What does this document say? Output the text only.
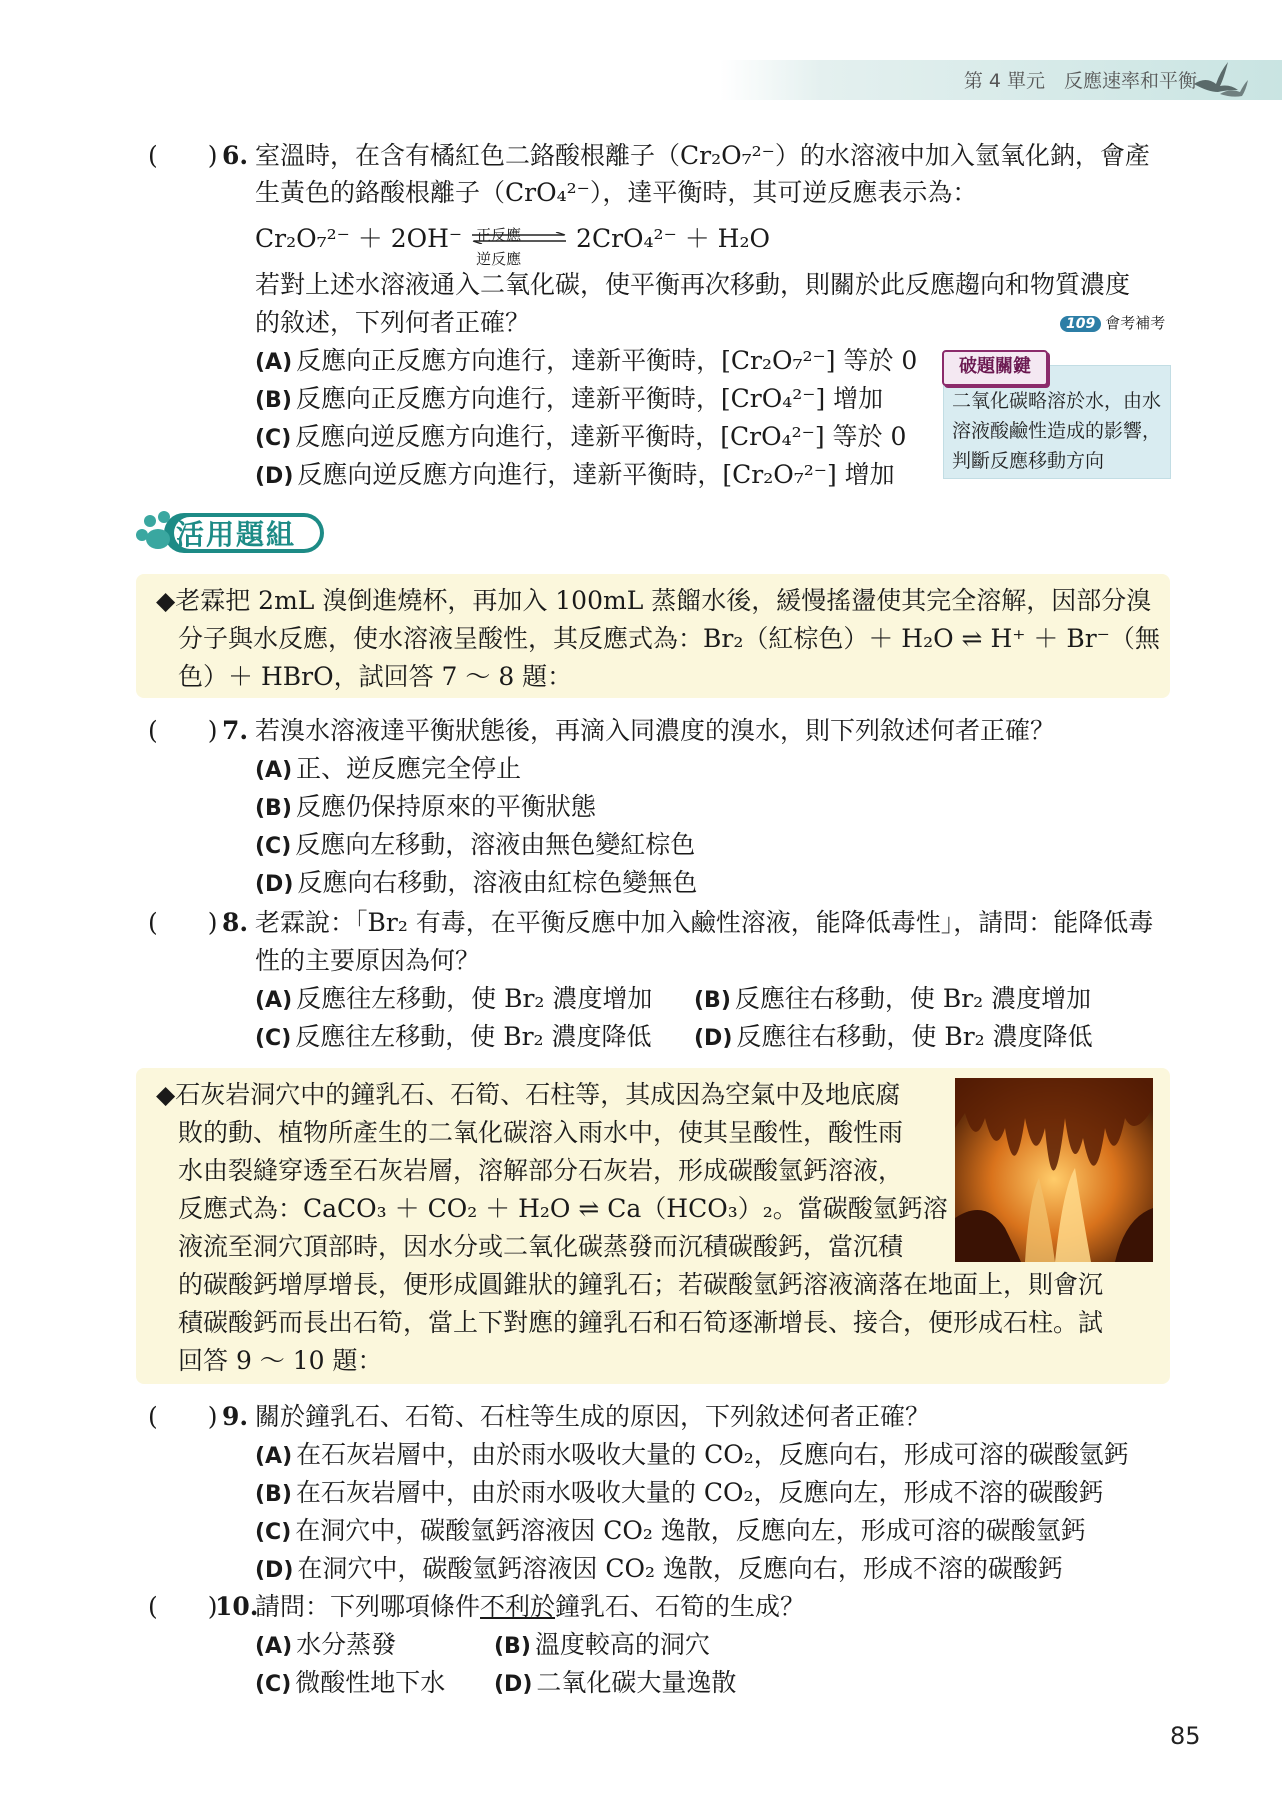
第 4 單元　反應速率和平衡
(　　) 6. 室溫時，在含有橘紅色二鉻酸根離子（Cr₂O₇²⁻）的水溶液中加入氫氧化鈉，會產
生黃色的鉻酸根離子（CrO₄²⁻），達平衡時，其可逆反應表示為：
Cr₂O₇²⁻ ＋ 2OH⁻ 正反應
逆反應
2CrO₄²⁻ ＋ H₂O
若對上述水溶液通入二氧化碳，使平衡再次移動，則關於此反應趨向和物質濃度
的敘述，下列何者正確？	109 會考補考
(A) 反應向正反應方向進行，達新平衡時，[Cr₂O₇²⁻] 等於 0
(B) 反應向正反應方向進行，達新平衡時，[CrO₄²⁻] 增加
(C) 反應向逆反應方向進行，達新平衡時，[CrO₄²⁻] 等於 0
(D) 反應向逆反應方向進行，達新平衡時，[Cr₂O₇²⁻] 增加
破題關鍵
二氧化碳略溶於水，由水溶液酸鹼性造成的影響，判斷反應移動方向
活用題組
◆老霖把 2mL 溴倒進燒杯，再加入 100mL 蒸餾水後，緩慢搖盪使其完全溶解，因部分溴
分子與水反應，使水溶液呈酸性，其反應式為：Br₂（紅棕色）＋ H₂O ⇌ H⁺ ＋ Br⁻（無
色）＋ HBrO，試回答 7 ～ 8 題：
(　　) 7. 若溴水溶液達平衡狀態後，再滴入同濃度的溴水，則下列敘述何者正確？
(A) 正、逆反應完全停止
(B) 反應仍保持原來的平衡狀態
(C) 反應向左移動，溶液由無色變紅棕色
(D) 反應向右移動，溶液由紅棕色變無色
(　　) 8. 老霖說：「Br₂ 有毒，在平衡反應中加入鹼性溶液，能降低毒性」，請問：能降低毒
性的主要原因為何？
(A) 反應往左移動，使 Br₂ 濃度增加 (B) 反應往右移動，使 Br₂ 濃度增加
(C) 反應往左移動，使 Br₂ 濃度降低 (D) 反應往右移動，使 Br₂ 濃度降低
◆石灰岩洞穴中的鐘乳石、石筍、石柱等，其成因為空氣中及地底腐
敗的動、植物所產生的二氧化碳溶入雨水中，使其呈酸性，酸性雨
水由裂縫穿透至石灰岩層，溶解部分石灰岩，形成碳酸氫鈣溶液，
反應式為：CaCO₃ ＋ CO₂ ＋ H₂O ⇌ Ca（HCO₃）₂。當碳酸氫鈣溶
液流至洞穴頂部時，因水分或二氧化碳蒸發而沉積碳酸鈣，當沉積
的碳酸鈣增厚增長，便形成圓錐狀的鐘乳石；若碳酸氫鈣溶液滴落在地面上，則會沉
積碳酸鈣而長出石筍，當上下對應的鐘乳石和石筍逐漸增長、接合，便形成石柱。試
回答 9 ～ 10 題：
(　　) 9. 關於鐘乳石、石筍、石柱等生成的原因，下列敘述何者正確？
(A) 在石灰岩層中，由於雨水吸收大量的 CO₂，反應向右，形成可溶的碳酸氫鈣
(B) 在石灰岩層中，由於雨水吸收大量的 CO₂，反應向左，形成不溶的碳酸鈣
(C) 在洞穴中，碳酸氫鈣溶液因 CO₂ 逸散，反應向左，形成可溶的碳酸氫鈣
(D) 在洞穴中，碳酸氫鈣溶液因 CO₂ 逸散，反應向右，形成不溶的碳酸鈣
(　　)
10.
請問：下列哪項條件不利於鐘乳石、石筍的生成？
(A) 水分蒸發	(B) 溫度較高的洞穴
(C) 微酸性地下水 (D) 二氧化碳大量逸散
85
